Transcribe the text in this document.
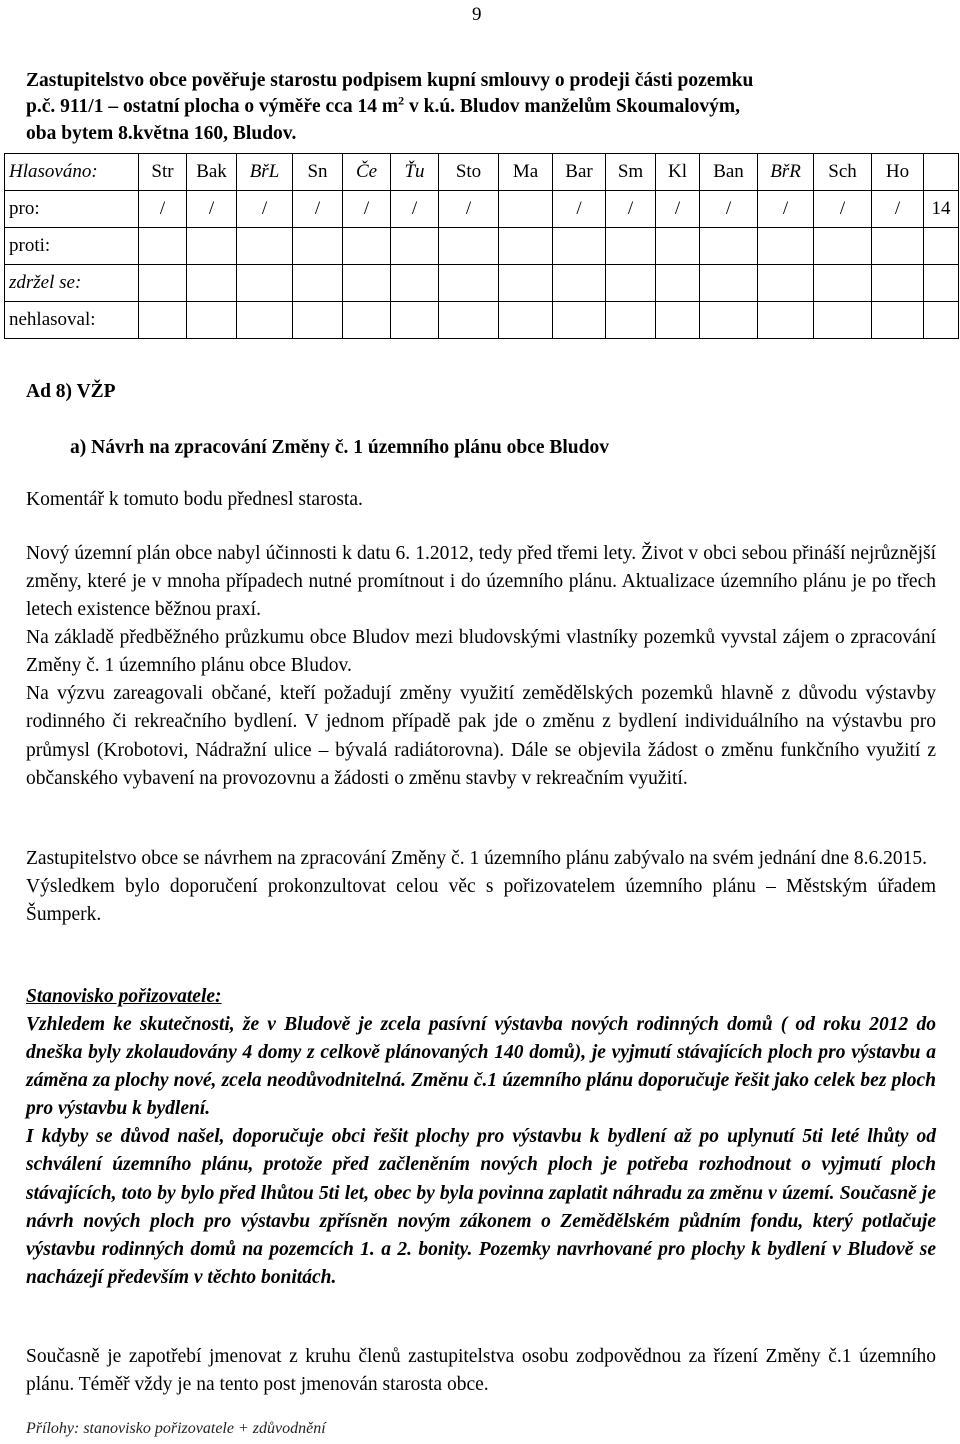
9
Zastupitelstvo obce pověřuje starostu podpisem kupní smlouvy o prodeji části pozemku
p.č. 911/1 – ostatní plocha o výměře cca 14 $m^2$ v k.ú. Bludov manželům Skoumalovým,
oba bytem 8.května 160, Bludov.
Hlasováno:	Str	Bak	BřL	Sn	Če	Ťu	Sto	Ma	Bar	Sm	Kl	Ban	BřR	Sch	Ho	
pro:	/	/	/	/	/	/	/		/	/	/	/	/	/	/	14
proti:																
zdržel se:																
nehlasoval:																
Ad 8) VŽP
a) Návrh na zpracování Změny č. 1 územního plánu obce Bludov
Komentář k tomuto bodu přednesl starosta.
Nový územní plán obce nabyl účinnosti k datu 6. 1.2012, tedy před třemi lety. Život v obci sebou přináší nejrůznější změny, které je v mnoha případech nutné promítnout i do územního plánu. Aktualizace územního plánu je po třech letech existence běžnou praxí.
Na základě předběžného průzkumu obce Bludov mezi bludovskými vlastníky pozemků vyvstal zájem o zpracování Změny č. 1 územního plánu obce Bludov.
Na výzvu zareagovali občané, kteří požadují změny využití zemědělských pozemků hlavně z důvodu výstavby rodinného či rekreačního bydlení. V jednom případě pak jde o změnu z bydlení individuálního na výstavbu pro průmysl (Krobotovi, Nádražní ulice – bývalá radiátorovna). Dále se objevila žádost o změnu funkčního využití z občanského vybavení na provozovnu a žádosti o změnu stavby v rekreačním využití.
Zastupitelstvo obce se návrhem na zpracování Změny č. 1 územního plánu zabývalo na svém jednání dne 8.6.2015.
Výsledkem bylo doporučení prokonzultovat celou věc s pořizovatelem územního plánu – Městským úřadem Šumperk.
Stanovisko pořizovatele:
Vzhledem ke skutečnosti, že v Bludově je zcela pasívní výstavba nových rodinných domů ( od roku 2012 do dneška byly zkolaudovány 4 domy z celkově plánovaných 140 domů), je vyjmutí stávajících ploch pro výstavbu a záměna za plochy nové, zcela neodůvodnitelná. Změnu č.1 územního plánu doporučuje řešit jako celek bez ploch pro výstavbu k bydlení.
I kdyby se důvod našel, doporučuje obci řešit plochy pro výstavbu k bydlení až po uplynutí 5ti leté lhůty od schválení územního plánu, protože před začleněním nových ploch je potřeba rozhodnout o vyjmutí ploch stávajících, toto by bylo před lhůtou 5ti let, obec by byla povinna zaplatit náhradu za změnu v území. Současně je návrh nových ploch pro výstavbu zpřísněn novým zákonem o Zemědělském půdním fondu, který potlačuje výstavbu rodinných domů na pozemcích 1. a 2. bonity. Pozemky navrhované pro plochy k bydlení v Bludově se nacházejí především v těchto bonitách.
Současně je zapotřebí jmenovat z kruhu členů zastupitelstva osobu zodpovědnou za řízení Změny č.1 územního plánu. Téměř vždy je na tento post jmenován starosta obce.
Přílohy: stanovisko pořizovatele + zdůvodnění
